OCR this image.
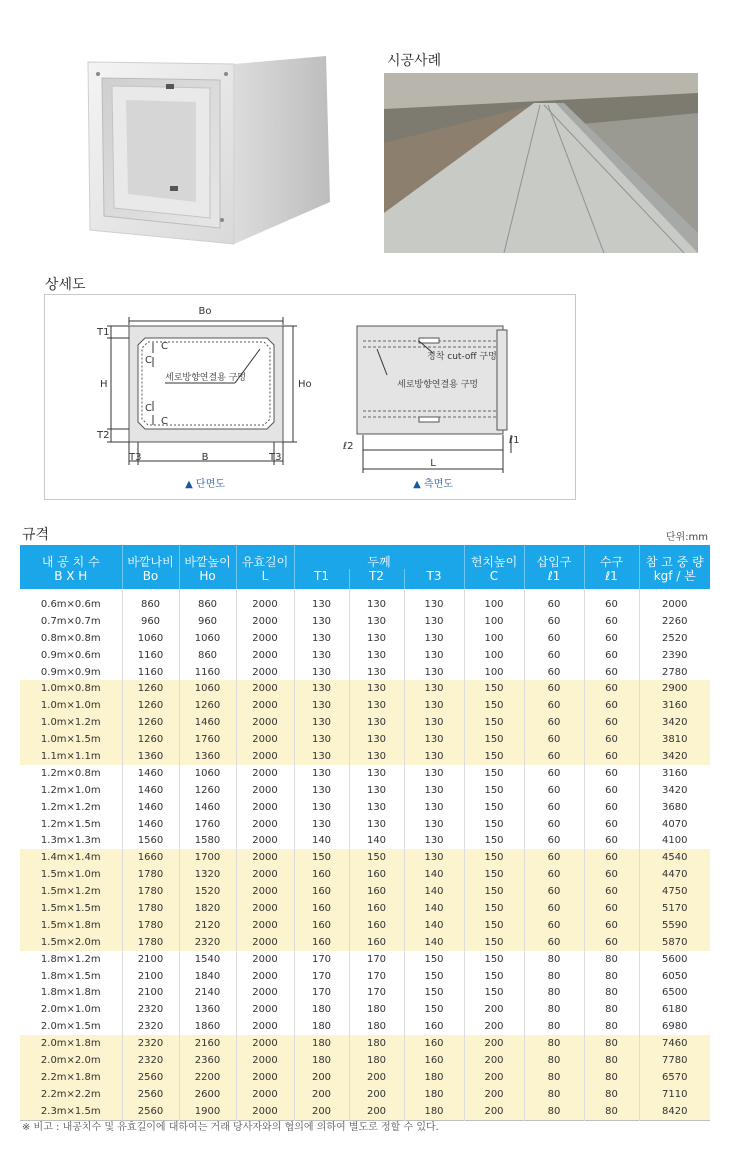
시공사례
상세도
Bo
T1
H	Ho
T2
T3	B	T3
C
C
C
C
세로방향연결용 구멍
▲ 단면도
정착 cut-off 구멍
세로방향연결용 구멍
ℓ2
ℓ1
L
▲ 측면도
규격	단위:mm
내 공 치 수	바깥나비	바깥높이	유효길이	두께			헌치높이	삽입구	수구	참 고 중 량
B X H	Bo	Ho	L	T1	T2	T3	C	ℓ1	ℓ1	kgf / 본

0.6m×0.6m	860	860	2000	130	130	130	100	60	60	2000
0.7m×0.7m	960	960	2000	130	130	130	100	60	60	2260
0.8m×0.8m	1060	1060	2000	130	130	130	100	60	60	2520
0.9m×0.6m	1160	860	2000	130	130	130	100	60	60	2390
0.9m×0.9m	1160	1160	2000	130	130	130	100	60	60	2780
1.0m×0.8m	1260	1060	2000	130	130	130	150	60	60	2900
1.0m×1.0m	1260	1260	2000	130	130	130	150	60	60	3160
1.0m×1.2m	1260	1460	2000	130	130	130	150	60	60	3420
1.0m×1.5m	1260	1760	2000	130	130	130	150	60	60	3810
1.1m×1.1m	1360	1360	2000	130	130	130	150	60	60	3420
1.2m×0.8m	1460	1060	2000	130	130	130	150	60	60	3160
1.2m×1.0m	1460	1260	2000	130	130	130	150	60	60	3420
1.2m×1.2m	1460	1460	2000	130	130	130	150	60	60	3680
1.2m×1.5m	1460	1760	2000	130	130	130	150	60	60	4070
1.3m×1.3m	1560	1580	2000	140	140	130	150	60	60	4100
1.4m×1.4m	1660	1700	2000	150	150	130	150	60	60	4540
1.5m×1.0m	1780	1320	2000	160	160	140	150	60	60	4470
1.5m×1.2m	1780	1520	2000	160	160	140	150	60	60	4750
1.5m×1.5m	1780	1820	2000	160	160	140	150	60	60	5170
1.5m×1.8m	1780	2120	2000	160	160	140	150	60	60	5590
1.5m×2.0m	1780	2320	2000	160	160	140	150	60	60	5870
1.8m×1.2m	2100	1540	2000	170	170	150	150	80	80	5600
1.8m×1.5m	2100	1840	2000	170	170	150	150	80	80	6050
1.8m×1.8m	2100	2140	2000	170	170	150	150	80	80	6500
2.0m×1.0m	2320	1360	2000	180	180	150	200	80	80	6180
2.0m×1.5m	2320	1860	2000	180	180	160	200	80	80	6980
2.0m×1.8m	2320	2160	2000	180	180	160	200	80	80	7460
2.0m×2.0m	2320	2360	2000	180	180	160	200	80	80	7780
2.2m×1.8m	2560	2200	2000	200	200	180	200	80	80	6570
2.2m×2.2m	2560	2600	2000	200	200	180	200	80	80	7110
2.3m×1.5m	2560	1900	2000	200	200	180	200	80	80	8420
※ 비고 : 내공치수 및 유효길이에 대하여는 거래 당사자와의 협의에 의하여 별도로 정할 수 있다.
